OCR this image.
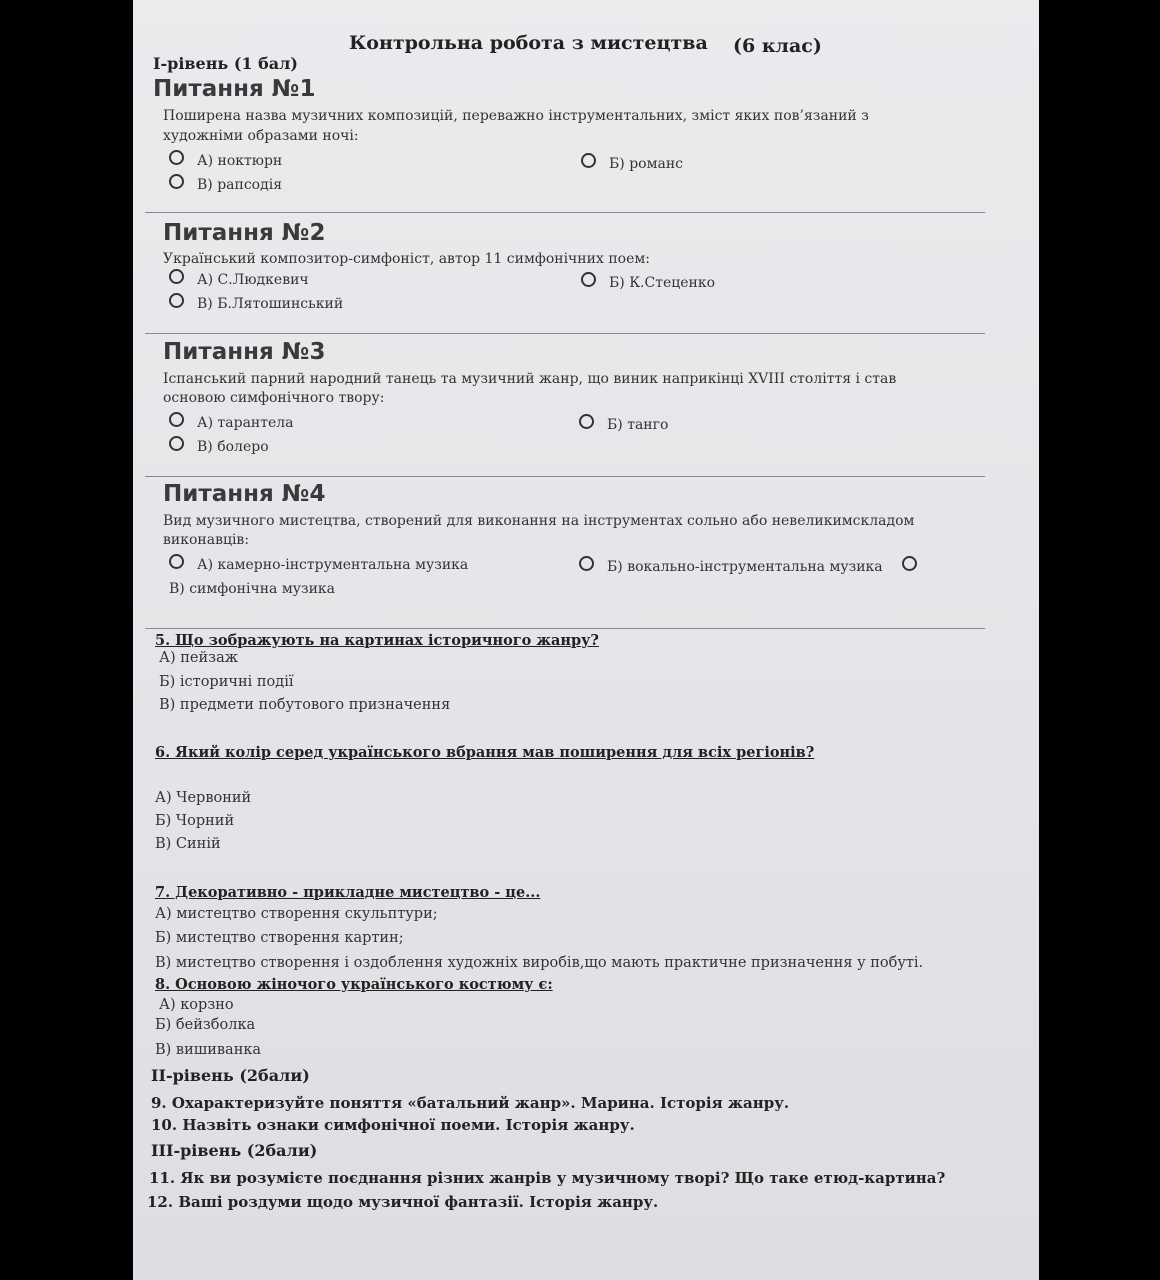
Контрольна робота з мистецтва (6 клас)
І-рівень (1 бал)
Питання №1
Поширена назва музичних композицій, переважно інструментальних, зміст яких пов’язаний з
художніми образами ночі:
А) ноктюрн	Б) романс
В) рапсодія
Питання №2
Український композитор-симфоніст, автор 11 симфонічних поем:
А) С.Людкевич	Б) К.Стеценко
В) Б.Лятошинський
Питання №3
Іспанський парний народний танець та музичний жанр, що виник наприкінці XVIII століття і став
основою симфонічного твору:
А) тарантела	Б) танго
В) болеро
Питання №4
Вид музичного мистецтва, створений для виконання на інструментах сольно або невеликимскладом
виконавців:
А) камерно-інструментальна музика	Б) вокально-інструментальна музика
В) симфонічна музика
5. Що зображують на картинах історичного жанру?
А) пейзаж
Б) історичні події
В) предмети побутового призначення
6. Який колір серед українського вбрання мав поширення для всіх регіонів?
А) Червоний
Б) Чорний
В) Синій
7. Декоративно - прикладне мистецтво - це...
А) мистецтво створення скульптури;
Б) мистецтво створення картин;
В) мистецтво створення і оздоблення художніх виробів,що мають практичне призначення у побуті.
8. Основою жіночого українського костюму є:
А) корзно
Б) бейзболка
В) вишиванка
ІІ-рівень (2бали)
9. Охарактеризуйте поняття «батальний жанр». Марина. Історія жанру.
10. Назвіть ознаки симфонічної поеми. Історія жанру.
ІІІ-рівень (2бали)
11. Як ви розумієте поєднання різних жанрів у музичному творі? Що таке етюд-картина?
12. Ваші роздуми щодо музичної фантазії. Історія жанру.
